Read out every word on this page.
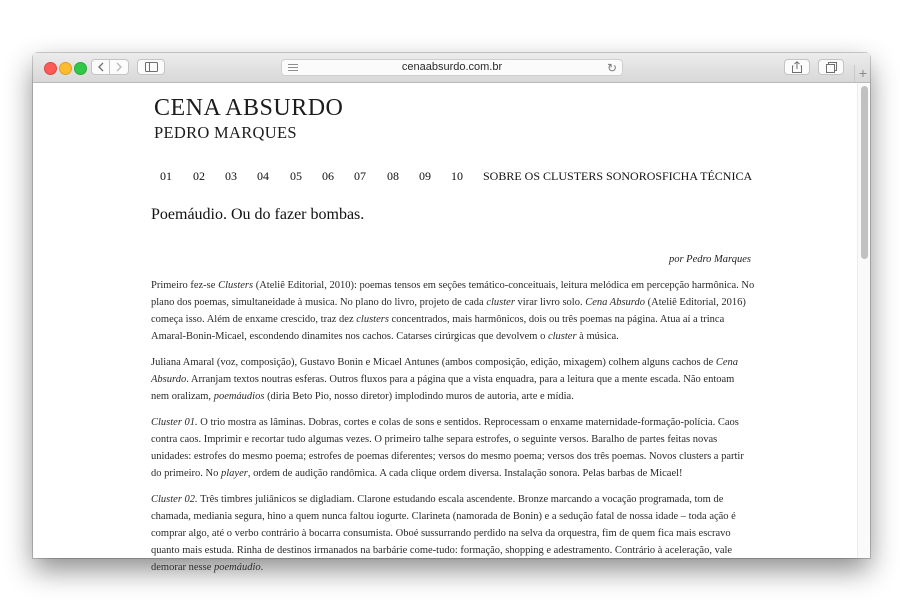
cenaabsurdo.com.br	↻	+
CENA ABSURDO
PEDRO MARQUES
01 02 03 04 05 06 07 08 09 10 SOBRE OS CLUSTERS SONOROS FICHA TÉCNICA
Poemáudio. Ou do fazer bombas.
por Pedro Marques

Primeiro fez-se Clusters (Ateliê Editorial, 2010): poemas tensos em seções temático-conceituais, leitura melódica em percepção harmônica. No plano dos poemas, simultaneidade à musica. No plano do livro, projeto de cada cluster virar livro solo. Cena Absurdo (Ateliê Editorial, 2016) começa isso. Além de enxame crescido, traz dez clusters concentrados, mais harmônicos, dois ou três poemas na página. Atua aí a trinca Amaral-Bonin-Micael, escondendo dinamites nos cachos. Catarses cirúrgicas que devolvem o cluster à música.

Juliana Amaral (voz, composição), Gustavo Bonin e Micael Antunes (ambos composição, edição, mixagem) colhem alguns cachos de Cena Absurdo. Arranjam textos noutras esferas. Outros fluxos para a página que a vista enquadra, para a leitura que a mente escada. Não entoam nem oralizam, poemáudios (diria Beto Pio, nosso diretor) implodindo muros de autoria, arte e mídia.

Cluster 01. O trio mostra as lâminas. Dobras, cortes e colas de sons e sentidos. Reprocessam o enxame maternidade-formação-polícia. Caos contra caos. Imprimir e recortar tudo algumas vezes. O primeiro talhe separa estrofes, o seguinte versos. Baralho de partes feitas novas unidades: estrofes do mesmo poema; estrofes de poemas diferentes; versos do mesmo poema; versos dos três poemas. Novos clusters a partir do primeiro. No player, ordem de audição randômica. A cada clique ordem diversa. Instalação sonora. Pelas barbas de Micael!

Cluster 02. Três timbres juliânicos se digladiam. Clarone estudando escala ascendente. Bronze marcando a vocação programada, tom de chamada, mediania segura, hino a quem nunca faltou iogurte. Clarineta (namorada de Bonin) e a sedução fatal de nossa idade – toda ação é comprar algo, até o verbo contrário à bocarra consumista. Oboé sussurrando perdido na selva da orquestra, fim de quem fica mais escravo quanto mais estuda. Rinha de destinos irmanados na barbárie come-tudo: formação, shopping e adestramento. Contrário à aceleração, vale demorar nesse poemáudio.
